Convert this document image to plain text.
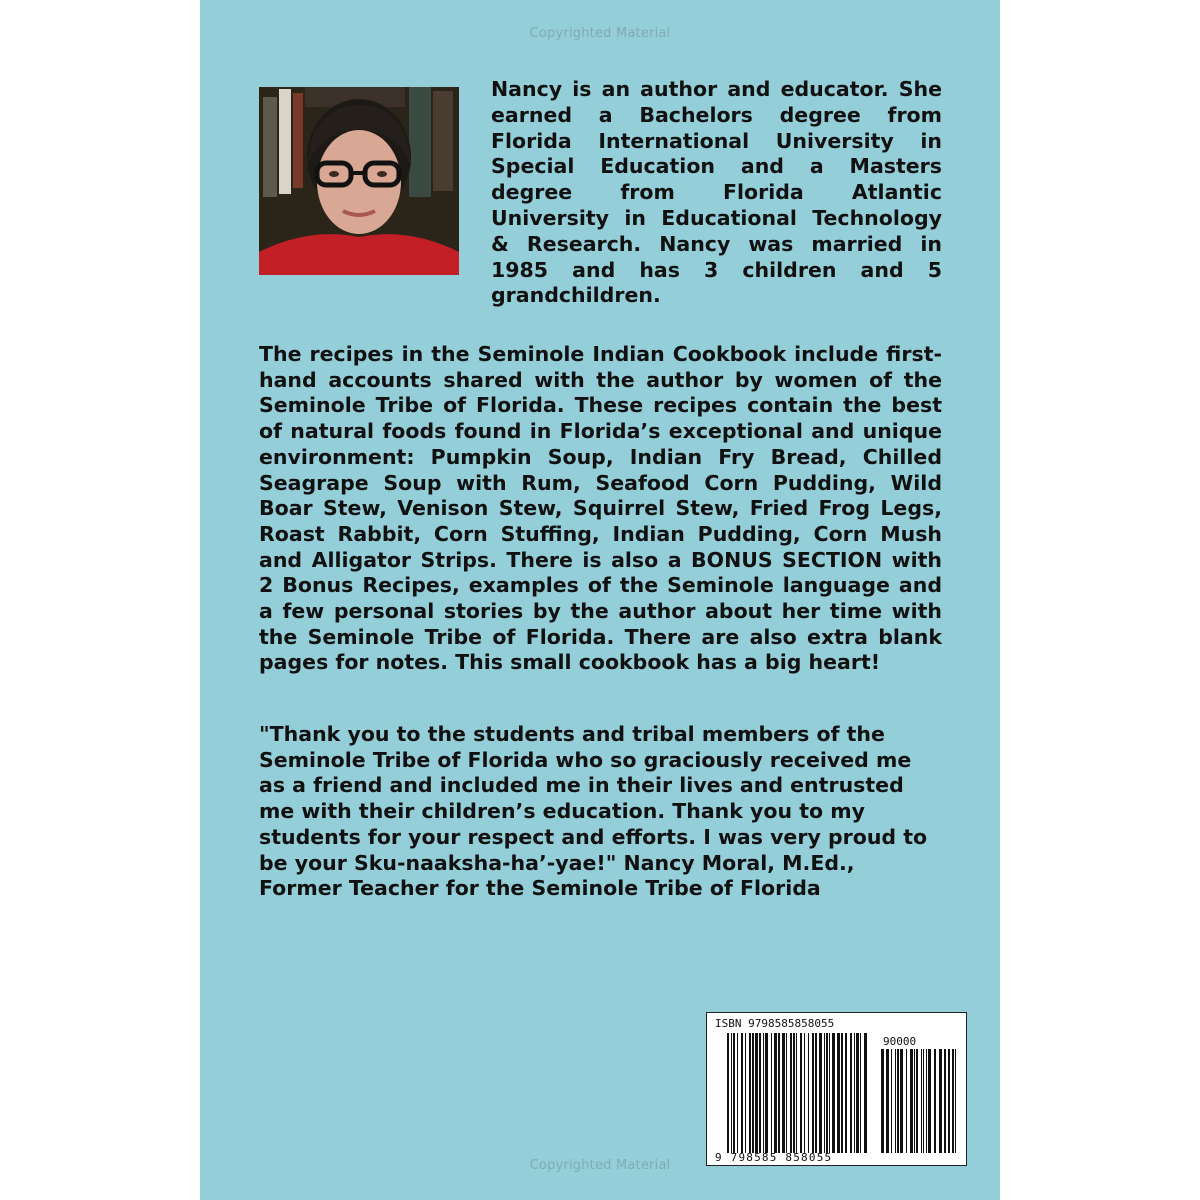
Copyrighted Material

Nancy is an author and educator. She earned a Bachelors degree from Florida International University in Special Education and a Masters degree from Florida Atlantic University in Educational Technology & Research. Nancy was married in 1985 and has 3 children and 5 grandchildren.

The recipes in the Seminole Indian Cookbook include first-hand accounts shared with the author by women of the Seminole Tribe of Florida. These recipes contain the best of natural foods found in Florida’s exceptional and unique environment: Pumpkin Soup, Indian Fry Bread, Chilled Seagrape Soup with Rum, Seafood Corn Pudding, Wild Boar Stew, Venison Stew, Squirrel Stew, Fried Frog Legs, Roast Rabbit, Corn Stuffing, Indian Pudding, Corn Mush and Alligator Strips. There is also a BONUS SECTION with 2 Bonus Recipes, examples of the Seminole language and a few personal stories by the author about her time with the Seminole Tribe of Florida. There are also extra blank pages for notes. This small cookbook has a big heart!

"Thank you to the students and tribal members of the Seminole Tribe of Florida who so graciously received me as a friend and included me in their lives and entrusted me with their children’s education. Thank you to my students for your respect and efforts. I was very proud to be your Sku-naaksha-ha’-yae!" Nancy Moral, M.Ed., Former Teacher for the Seminole Tribe of Florida

ISBN 9798585858055
90000
9 798585 858055
Copyrighted Material
